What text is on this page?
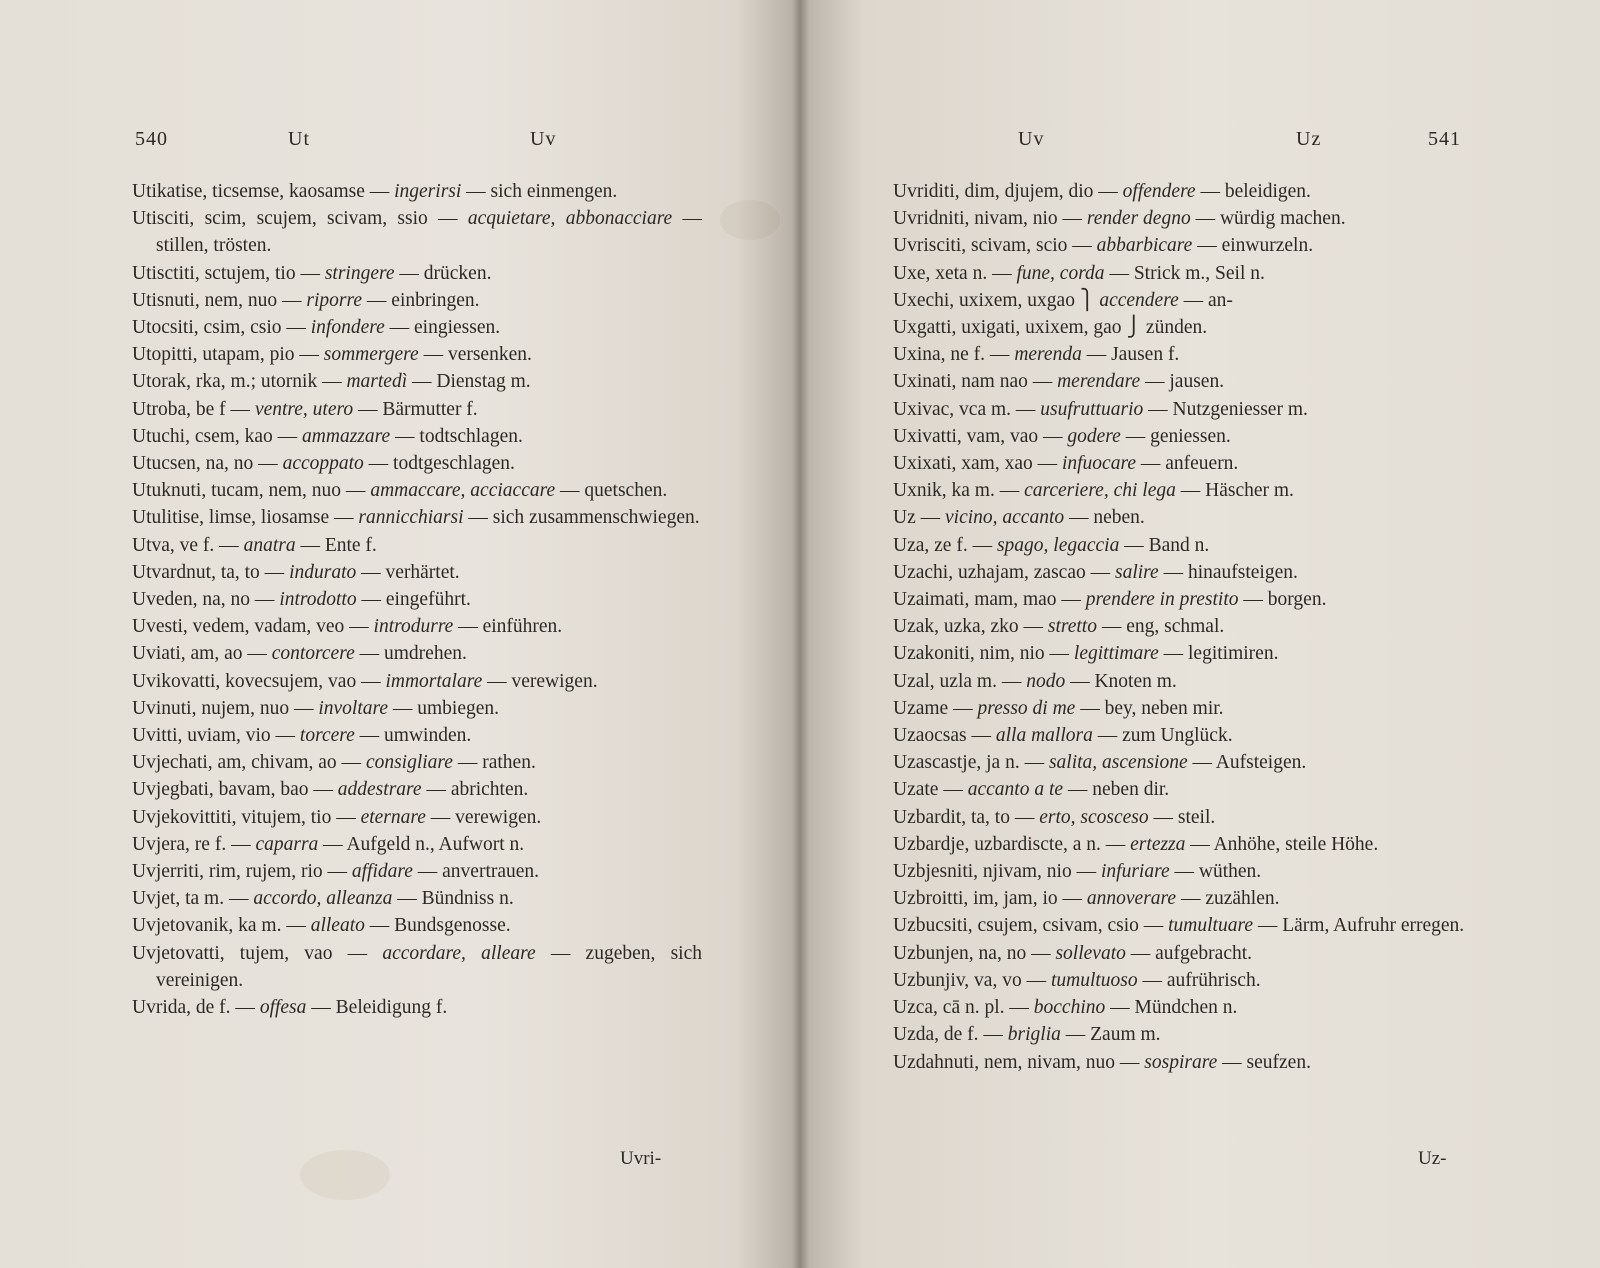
540	Ut	Uv

Utikatise, ticsemse, kaosamse — ingerirsi — sich einmengen.

Utisciti, scim, scujem, scivam, ssio — acquietare, abbonacciare — stillen, trösten.

Utisctiti, sctujem, tio — stringere — drücken.

Utisnuti, nem, nuo — riporre — einbringen.

Utocsiti, csim, csio — infondere — eingiessen.

Utopitti, utapam, pio — sommergere — versenken.

Utorak, rka, m.; utornik — martedì — Dienstag m.

Utroba, be f — ventre, utero — Bärmutter f.

Utuchi, csem, kao — ammazzare — todtschlagen.

Utucsen, na, no — accoppato — todtgeschlagen.

Utuknuti, tucam, nem, nuo — ammaccare, acciaccare — quetschen.

Utulitise, limse, liosamse — rannicchiarsi — sich zusammenschwiegen.

Utva, ve f. — anatra — Ente f.

Utvardnut, ta, to — indurato — verhärtet.

Uveden, na, no — introdotto — eingeführt.

Uvesti, vedem, vadam, veo — introdurre — einführen.

Uviati, am, ao — contorcere — umdrehen.

Uvikovatti, kovecsujem, vao — immortalare — verewigen.

Uvinuti, nujem, nuo — involtare — umbiegen.

Uvitti, uviam, vio — torcere — umwinden.

Uvjechati, am, chivam, ao — consigliare — rathen.

Uvjegbati, bavam, bao — addestrare — abrichten.

Uvjekovittiti, vitujem, tio — eternare — verewigen.

Uvjera, re f. — caparra — Aufgeld n., Aufwort n.

Uvjerriti, rim, rujem, rio — affidare — anvertrauen.

Uvjet, ta m. — accordo, alleanza — Bündniss n.

Uvjetovanik, ka m. — alleato — Bundsgenosse.

Uvjetovatti, tujem, vao — accordare, alleare — zugeben, sich vereinigen.

Uvrida, de f. — offesa — Beleidigung f.

Uvri-
Uv	Uz	541

Uvriditi, dim, djujem, dio — offendere — beleidigen.

Uvridniti, nivam, nio — render degno — würdig machen.

Uvrisciti, scivam, scio — abbarbicare — einwurzeln.

Uxe, xeta n. — fune, corda — Strick m., Seil n.

Uxechi, uxixem, uxgao ⎫ accendere — an-

Uxgatti, uxigati, uxixem, gao ⎭ zünden.

Uxina, ne f. — merenda — Jausen f.

Uxinati, nam nao — merendare — jausen.

Uxivac, vca m. — usufruttuario — Nutzgeniesser m.

Uxivatti, vam, vao — godere — geniessen.

Uxixati, xam, xao — infuocare — anfeuern.

Uxnik, ka m. — carceriere, chi lega — Häscher m.

Uz — vicino, accanto — neben.

Uza, ze f. — spago, legaccia — Band n.

Uzachi, uzhajam, zascao — salire — hinaufsteigen.

Uzaimati, mam, mao — prendere in prestito — borgen.

Uzak, uzka, zko — stretto — eng, schmal.

Uzakoniti, nim, nio — legittimare — legitimiren.

Uzal, uzla m. — nodo — Knoten m.

Uzame — presso di me — bey, neben mir.

Uzaocsas — alla mallora — zum Unglück.

Uzascastje, ja n. — salita, ascensione — Aufsteigen.

Uzate — accanto a te — neben dir.

Uzbardit, ta, to — erto, scosceso — steil.

Uzbardje, uzbardiscte, a n. — ertezza — Anhöhe, steile Höhe.

Uzbjesniti, njivam, nio — infuriare — wüthen.

Uzbroitti, im, jam, io — annoverare — zuzählen.

Uzbucsiti, csujem, csivam, csio — tumultuare — Lärm, Aufruhr erregen.

Uzbunjen, na, no — sollevato — aufgebracht.

Uzbunjiv, va, vo — tumultuoso — aufrührisch.

Uzca, cā n. pl. — bocchino — Mündchen n.

Uzda, de f. — briglia — Zaum m.

Uzdahnuti, nem, nivam, nuo — sospirare — seufzen.

Uz-
